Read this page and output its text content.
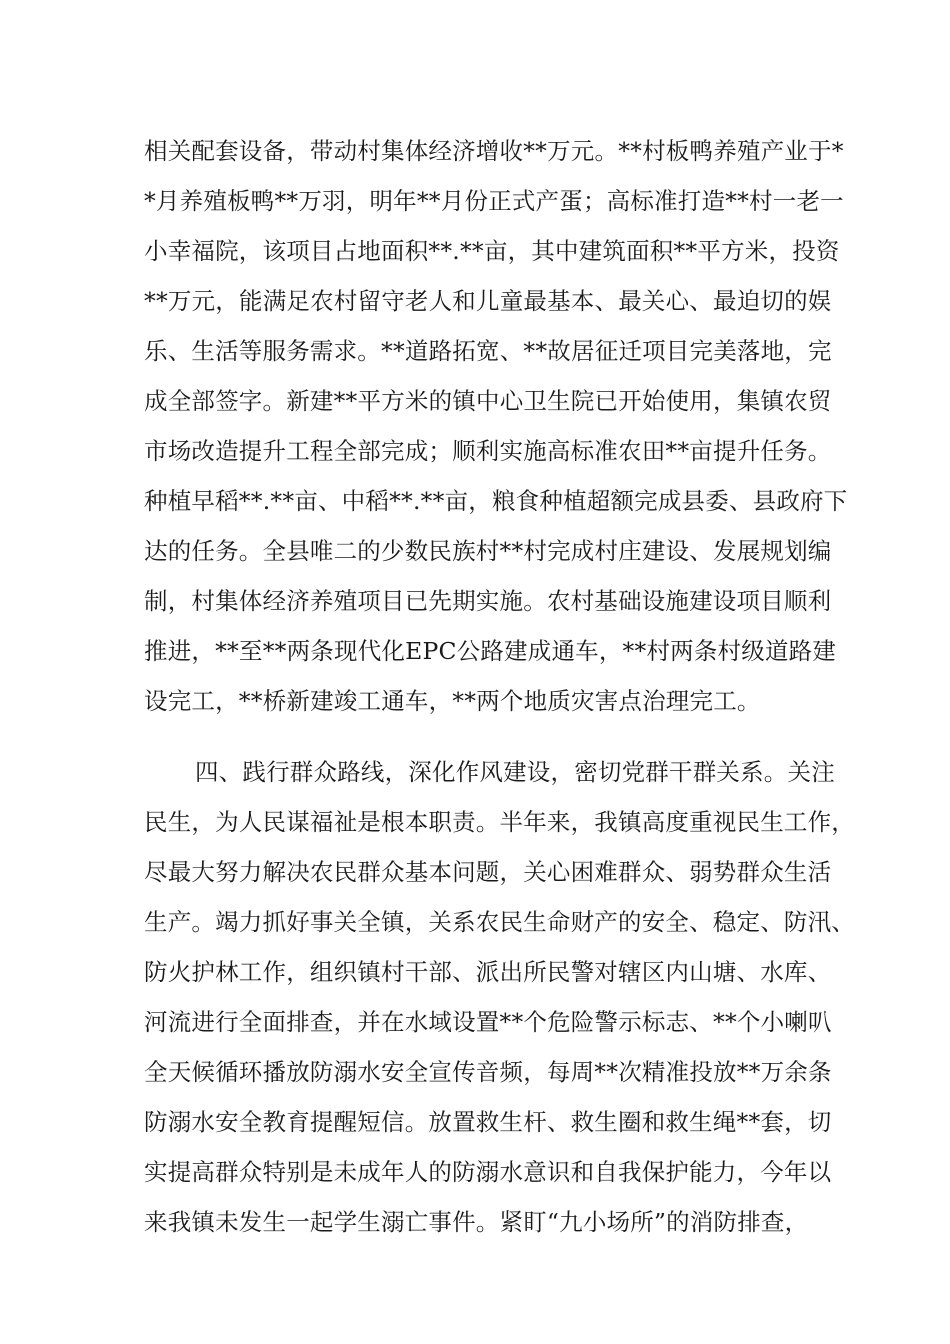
相关配套设备，带动村集体经济增收**万元。**村板鸭养殖产业于*
*月养殖板鸭**万羽，明年**月份正式产蛋；高标准打造**村一老一
小幸福院，该项目占地面积**.**亩，其中建筑面积**平方米，投资
**万元，能满足农村留守老人和儿童最基本、最关心、最迫切的娱
乐、生活等服务需求。**道路拓宽、**故居征迁项目完美落地，完
成全部签字。新建**平方米的镇中心卫生院已开始使用，集镇农贸
市场改造提升工程全部完成；顺利实施高标准农田**亩提升任务。
种植早稻**.**亩、中稻**.**亩，粮食种植超额完成县委、县政府下
达的任务。全县唯二的少数民族村**村完成村庄建设、发展规划编
制，村集体经济养殖项目已先期实施。农村基础设施建设项目顺利
推进，**至**两条现代化EPC公路建成通车，**村两条村级道路建
设完工，**桥新建竣工通车，**两个地质灾害点治理完工。
四、践行群众路线，深化作风建设，密切党群干群关系。关注
民生，为人民谋福祉是根本职责。半年来，我镇高度重视民生工作，
尽最大努力解决农民群众基本问题，关心困难群众、弱势群众生活
生产。竭力抓好事关全镇，关系农民生命财产的安全、稳定、防汛、
防火护林工作，组织镇村干部、派出所民警对辖区内山塘、水库、
河流进行全面排查，并在水域设置**个危险警示标志、**个小喇叭
全天候循环播放防溺水安全宣传音频，每周**次精准投放**万余条
防溺水安全教育提醒短信。放置救生杆、救生圈和救生绳**套，切
实提高群众特别是未成年人的防溺水意识和自我保护能力，今年以
来我镇未发生一起学生溺亡事件。紧盯“九小场所”的消防排查，
